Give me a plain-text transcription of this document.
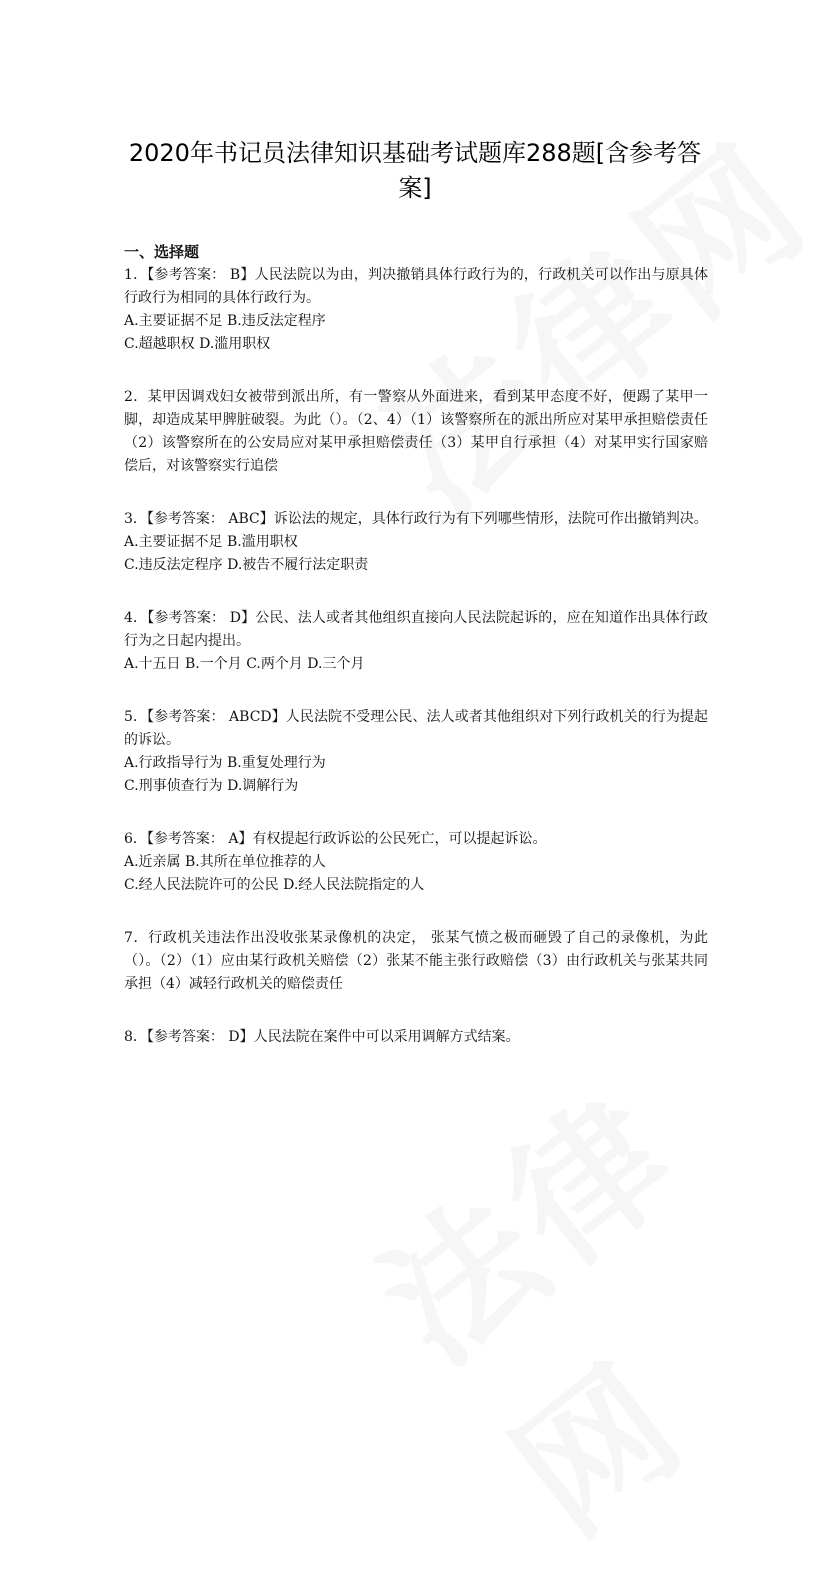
2020年书记员法律知识基础考试题库288题[含参考答案]
一、选择题

1．【参考答案： B】人民法院以为由，判决撤销具体行政行为的，行政机关可以作出与原具体行政行为相同的具体行政行为。

A.主要证据不足 B.违反法定程序

C.超越职权 D.滥用职权

2．某甲因调戏妇女被带到派出所，有一警察从外面进来，看到某甲态度不好，便踢了某甲一脚，却造成某甲脾脏破裂。为此（）。（2、4）（1）该警察所在的派出所应对某甲承担赔偿责任（2）该警察所在的公安局应对某甲承担赔偿责任（3）某甲自行承担（4）对某甲实行国家赔偿后，对该警察实行追偿

3．【参考答案： ABC】诉讼法的规定，具体行政行为有下列哪些情形，法院可作出撤销判决。

A.主要证据不足 B.滥用职权

C.违反法定程序 D.被告不履行法定职责

4．【参考答案： D】公民、法人或者其他组织直接向人民法院起诉的，应在知道作出具体行政行为之日起内提出。

A.十五日 B.一个月 C.两个月 D.三个月

5．【参考答案： ABCD】人民法院不受理公民、法人或者其他组织对下列行政机关的行为提起的诉讼。

A.行政指导行为 B.重复处理行为

C.刑事侦查行为 D.调解行为

6．【参考答案： A】有权提起行政诉讼的公民死亡，可以提起诉讼。

A.近亲属 B.其所在单位推荐的人

C.经人民法院许可的公民 D.经人民法院指定的人

7．行政机关违法作出没收张某录像机的决定， 张某气愤之极而砸毁了自己的录像机，为此（）。（2）（1）应由某行政机关赔偿（2）张某不能主张行政赔偿（3）由行政机关与张某共同承担（4）减轻行政机关的赔偿责任

8．【参考答案： D】人民法院在案件中可以采用调解方式结案。
